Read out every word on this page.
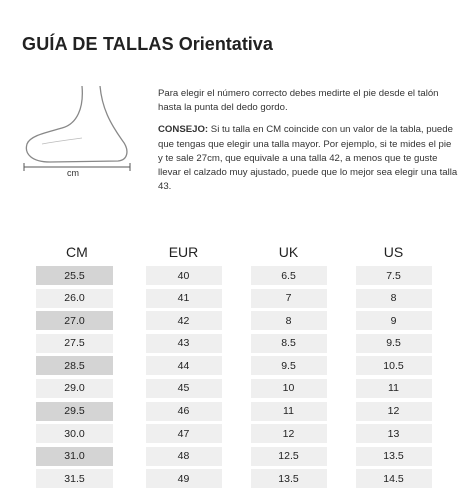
GUÍA DE TALLAS Orientativa
cm

Para elegir el número correcto debes medirte el pie desde el talón hasta la punta del dedo gordo.

CONSEJO: Si tu talla en CM coincide con un valor de la tabla, puede que tengas que elegir una talla mayor. Por ejemplo, si te mides el pie y te sale 27cm, que equivale a una talla 42, a menos que te guste llevar el calzado muy ajustado, puede que lo mejor sea elegir una talla 43.

CM	EUR	UK	US
25.5	40	6.5	7.5
26.0	41	7	8
27.0	42	8	9
27.5	43	8.5	9.5
28.5	44	9.5	10.5
29.0	45	10	11
29.5	46	11	12
30.0	47	12	13
31.0	48	12.5	13.5
31.5	49	13.5	14.5
